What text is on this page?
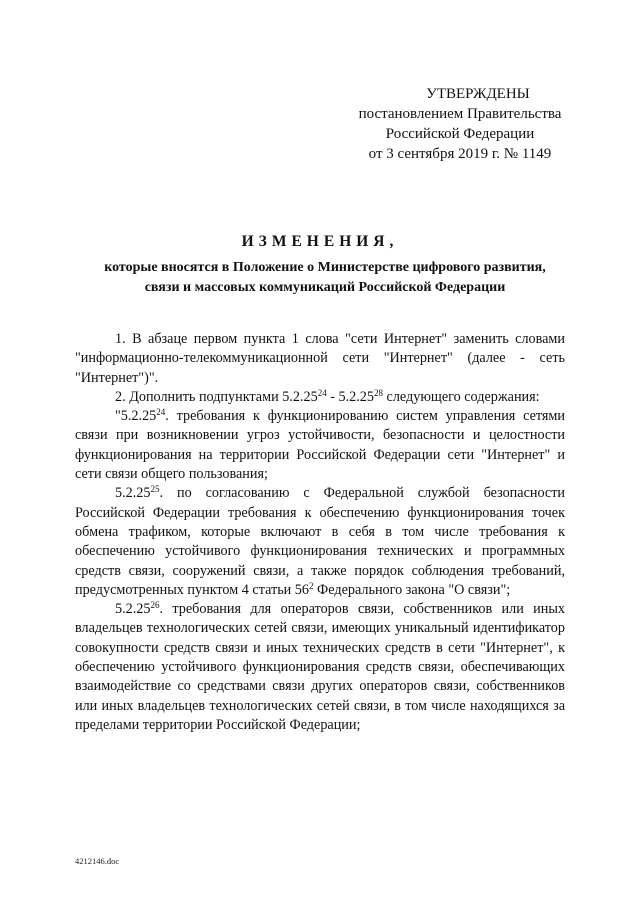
УТВЕРЖДЕНЫ
постановлением Правительства
Российской Федерации
от 3 сентября 2019 г. № 1149
ИЗМЕНЕНИЯ,
которые вносятся в Положение о Министерстве цифрового развития,
связи и массовых коммуникаций Российской Федерации

1. В абзаце первом пункта 1 слова "сети Интернет" заменить словами "информационно-телекоммуникационной сети "Интернет" (далее - сеть "Интернет")".

2. Дополнить подпунктами 5.2.25$^{24}$ - 5.2.25$^{28}$ следующего содержания:

"5.2.25$^{24}$. требования к функционированию систем управления сетями связи при возникновении угроз устойчивости, безопасности и целостности функционирования на территории Российской Федерации сети "Интернет" и сети связи общего пользования;

5.2.25$^{25}$. по согласованию с Федеральной службой безопасности Российской Федерации требования к обеспечению функционирования точек обмена трафиком, которые включают в себя в том числе требования к обеспечению устойчивого функционирования технических и программных средств связи, сооружений связи, а также порядок соблюдения требований, предусмотренных пунктом 4 статьи $56^2$ Федерального закона "О связи";

5.2.25$^{26}$. требования для операторов связи, собственников или иных владельцев технологических сетей связи, имеющих уникальный идентификатор совокупности средств связи и иных технических средств в сети "Интернет", к обеспечению устойчивого функционирования средств связи, обеспечивающих взаимодействие со средствами связи других операторов связи, собственников или иных владельцев технологических сетей связи, в том числе находящихся за пределами территории Российской Федерации;

4212146.doc
